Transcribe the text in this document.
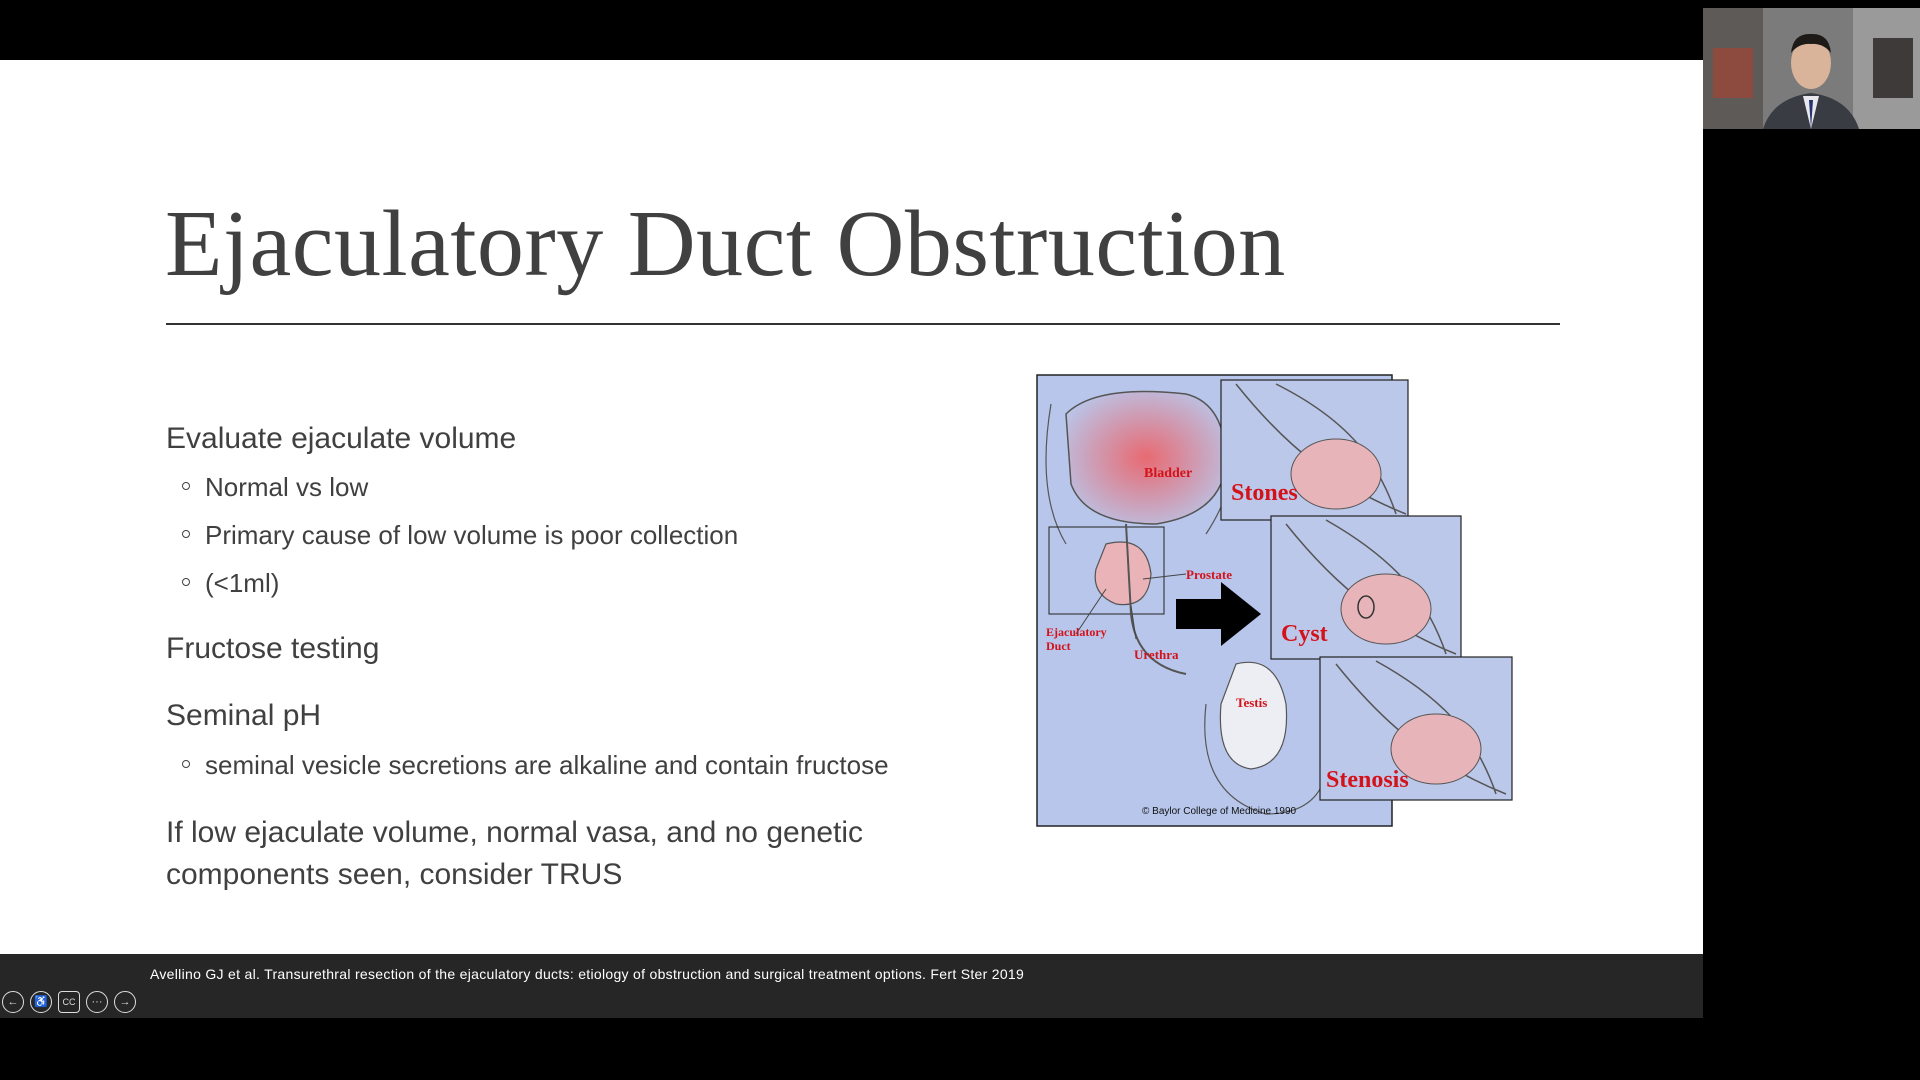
Ejaculatory Duct Obstruction
Evaluate ejaculate volume
Normal vs low
Primary cause of low volume is poor collection
(<1ml)
Fructose testing
Seminal pH
seminal vesicle secretions are alkaline and contain fructose
If low ejaculate volume, normal vasa, and no genetic components seen, consider TRUS
Bladder
Prostate
Ejaculatory
Duct
Urethra
Testis
Stones
Cyst
Stenosis
© Baylor College of Medicine 1990
Avellino GJ et al. Transurethral resection of the ejaculatory ducts: etiology of obstruction and surgical treatment options. Fert Ster 2019
← ♿ CC ··· →
